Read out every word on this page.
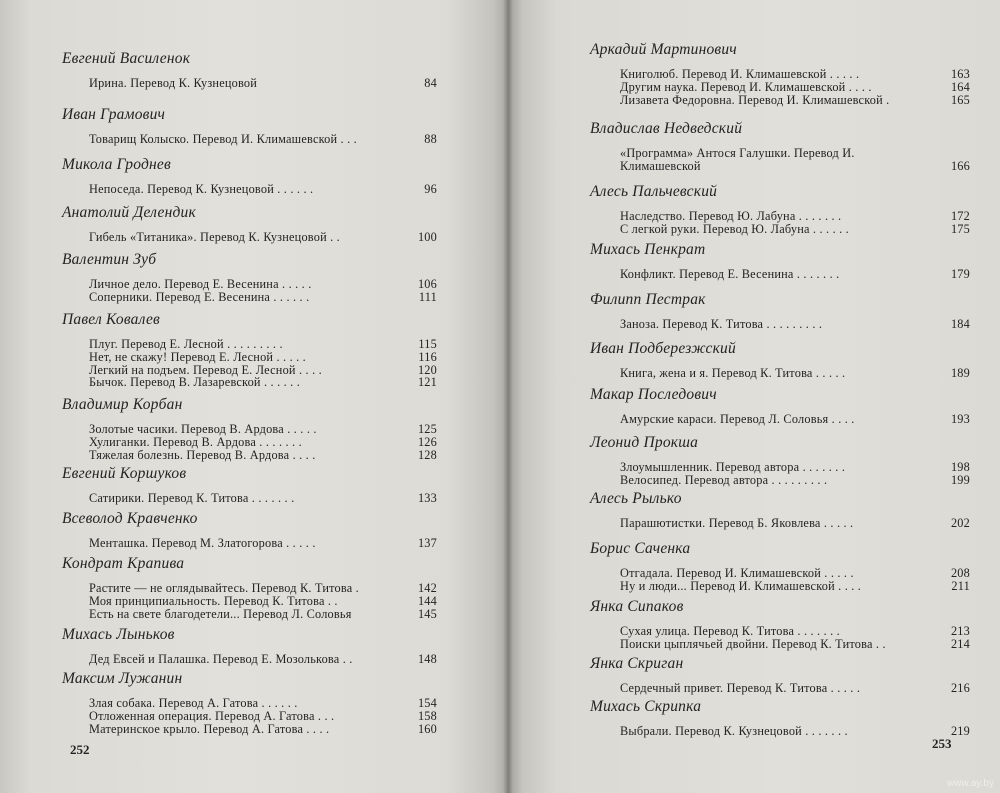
Евгений Василенок
Ирина. Перевод К. Кузнецовой	84
Иван Грамович
Товарищ Колыско. Перевод И. Климашевской . . .	88
Микола Гроднев
Непоседа. Перевод К. Кузнецовой . . . . . .	96
Анатолий Делендик
Гибель «Титаника». Перевод К. Кузнецовой . .	100
Валентин Зуб
Личное дело. Перевод Е. Весенина . . . . .	106
Соперники. Перевод Е. Весенина . . . . . .	111
Павел Ковалев
Плуг. Перевод Е. Лесной . . . . . . . . .	115
Нет, не скажу! Перевод Е. Лесной . . . . .	116
Легкий на подъем. Перевод Е. Лесной . . . .	120
Бычок. Перевод В. Лазаревской . . . . . .	121
Владимир Корбан
Золотые часики. Перевод В. Ардова . . . . .	125
Хулиганки. Перевод В. Ардова . . . . . . .	126
Тяжелая болезнь. Перевод В. Ардова . . . .	128
Евгений Коршуков
Сатирики. Перевод К. Титова . . . . . . .	133
Всеволод Кравченко
Менташка. Перевод М. Златогорова . . . . .	137
Кондрат Крапива
Растите — не оглядывайтесь. Перевод К. Титова .	142
Моя принципиальность. Перевод К. Титова . .	144
Есть на свете благодетели... Перевод Л. Соловья	145
Михась Лыньков
Дед Евсей и Палашка. Перевод Е. Мозолькова . .	148
Максим Лужанин
Злая собака. Перевод А. Гатова . . . . . .	154
Отложенная операция. Перевод А. Гатова . . .	158
Материнское крыло. Перевод А. Гатова . . . .	160
Аркадий Мартинович
Книголюб. Перевод И. Климашевской . . . . .	163
Другим наука. Перевод И. Климашевской . . . .	164
Лизавета Федоровна. Перевод И. Климашевской .	165
Владислав Недведский
«Программа» Антося Галушки. Перевод И. Климашевской	166
Алесь Пальчевский
Наследство. Перевод Ю. Лабуна . . . . . . .	172
С легкой руки. Перевод Ю. Лабуна . . . . . .	175
Михась Пенкрат
Конфликт. Перевод Е. Весенина . . . . . . .	179
Филипп Пестрак
Заноза. Перевод К. Титова . . . . . . . . .	184
Иван Подберезжский
Книга, жена и я. Перевод К. Титова . . . . .	189
Макар Последович
Амурские караси. Перевод Л. Соловья . . . .	193
Леонид Прокша
Злоумышленник. Перевод автора . . . . . . .	198
Велосипед. Перевод автора . . . . . . . . .	199
Алесь Рылько
Парашютистки. Перевод Б. Яковлева . . . . .	202
Борис Саченка
Отгадала. Перевод И. Климашевской . . . . .	208
Ну и люди... Перевод И. Климашевской . . . .	211
Янка Сипаков
Сухая улица. Перевод К. Титова . . . . . . .	213
Поиски цыплячьей двойни. Перевод К. Титова . .	214
Янка Скриган
Сердечный привет. Перевод К. Титова . . . . .	216
Михась Скрипка
Выбрали. Перевод К. Кузнецовой . . . . . . .	219
252	253
www.ay.by
